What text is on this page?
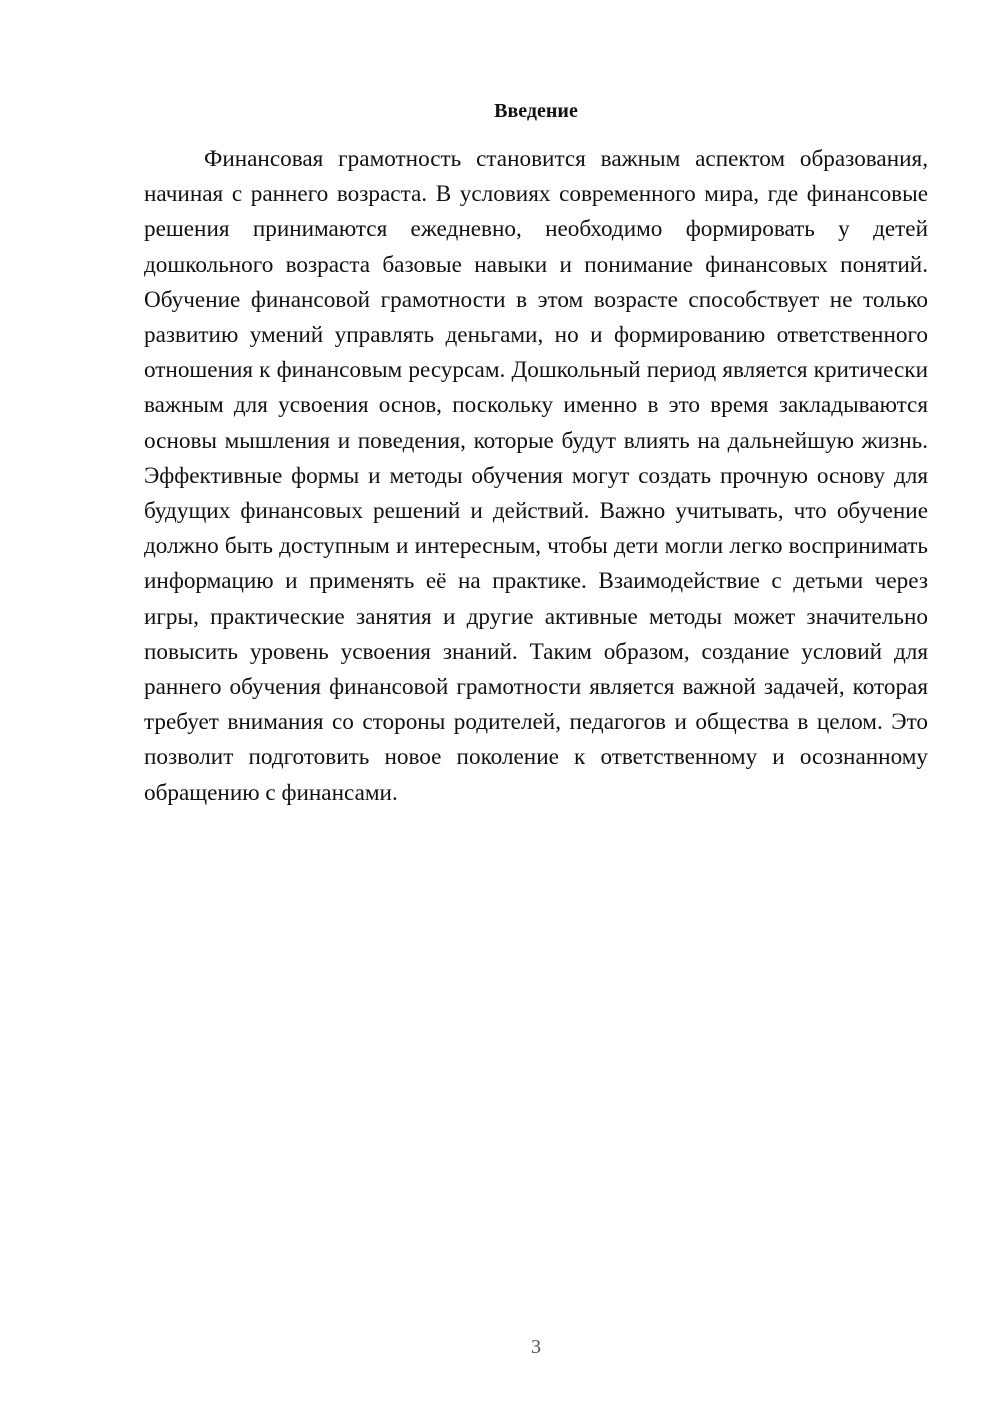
Введение

Финансовая грамотность становится важным аспектом образования, начиная с раннего возраста. В условиях современного мира, где финансовые решения принимаются ежедневно, необходимо формировать у детей дошкольного возраста базовые навыки и понимание финансовых понятий. Обучение финансовой грамотности в этом возрасте способствует не только развитию умений управлять деньгами, но и формированию ответственного отношения к финансовым ресурсам. Дошкольный период является критически важным для усвоения основ, поскольку именно в это время закладываются основы мышления и поведения, которые будут влиять на дальнейшую жизнь. Эффективные формы и методы обучения могут создать прочную основу для будущих финансовых решений и действий. Важно учитывать, что обучение должно быть доступным и интересным, чтобы дети могли легко воспринимать информацию и применять её на практике. Взаимодействие с детьми через игры, практические занятия и другие активные методы может значительно повысить уровень усвоения знаний. Таким образом, создание условий для раннего обучения финансовой грамотности является важной задачей, которая требует внимания со стороны родителей, педагогов и общества в целом. Это позволит подготовить новое поколение к ответственному и осознанному обращению с финансами.

3
